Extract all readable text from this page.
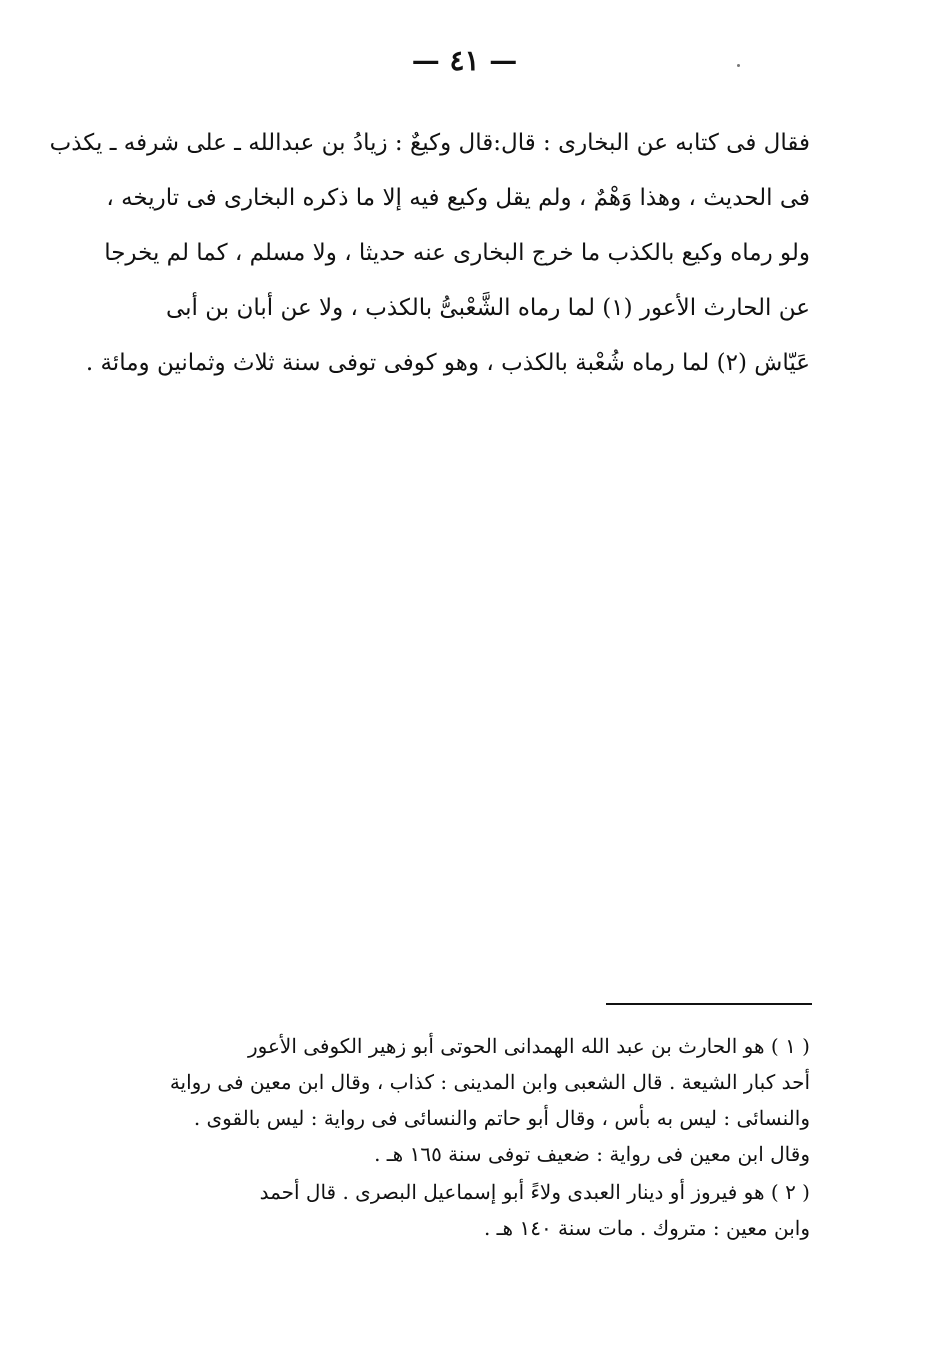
— ٤١ —
فقال فى كتابه عن البخارى : قال:قال وكيعٌ : زيادُ بن عبدالله ـ على شرفه ـ يكذب
فى الحديث ، وهذا وَهْمٌ ، ولم يقل وكيع فيه إلا ما ذكره البخارى فى تاريخه ،
ولو رماه وكيع بالكذب ما خرج البخارى عنه حديثا ، ولا مسلم ، كما لم يخرجا
عن الحارث الأعور (١) لما رماه الشَّعْبىُّ بالكذب ، ولا عن أبان بن أبى
عَيّاش (٢) لما رماه شُعْبة بالكذب ، وهو كوفى توفى سنة ثلاث وثمانين ومائة .
( ١ ) هو الحارث بن عبد الله الهمدانى الحوتى أبو زهير الكوفى الأعور
أحد كبار الشيعة . قال الشعبى وابن المدينى : كذاب ، وقال ابن معين فى رواية
والنسائى : ليس به بأس ، وقال أبو حاتم والنسائى فى رواية : ليس بالقوى .
وقال ابن معين فى رواية : ضعيف توفى سنة ١٦٥ هـ .
( ٢ ) هو فيروز أو دينار العبدى ولاءً أبو إسماعيل البصرى . قال أحمد
وابن معين : متروك . مات سنة ١٤٠ هـ .
